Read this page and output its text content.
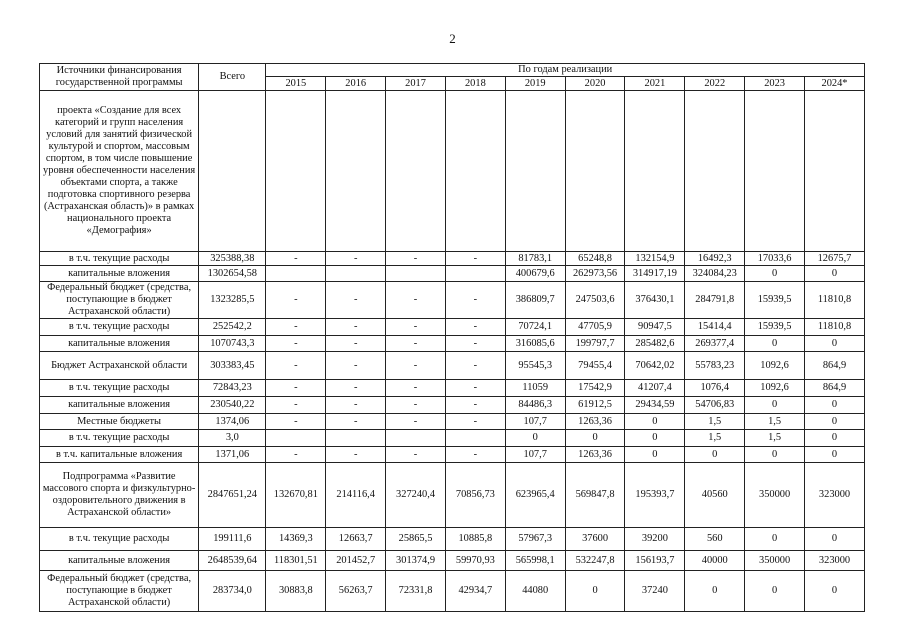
2
Источники финансирования государственной программы	Всего	По годам реализации									
		2015	2016	2017	2018	2019	2020	2021	2022	2023	2024*
проекта «Создание для всех категорий и групп населения условий для занятий физической культурой и спортом, массовым спортом, в том числе повышение уровня обеспеченности населения объектами спорта, а также подготовка спортивного резерва (Астраханская область)» в рамках национального проекта «Демография»											
в т.ч. текущие расходы	325388,38	-	-	-	-	81783,1	65248,8	132154,9	16492,3	17033,6	12675,7
капитальные вложения	1302654,58					400679,6	262973,56	314917,19	324084,23	0	0
Федеральный бюджет (средства, поступающие в бюджет Астраханской области)	1323285,5	-	-	-	-	386809,7	247503,6	376430,1	284791,8	15939,5	11810,8
в т.ч. текущие расходы	252542,2	-	-	-	-	70724,1	47705,9	90947,5	15414,4	15939,5	11810,8
капитальные вложения	1070743,3	-	-	-	-	316085,6	199797,7	285482,6	269377,4	0	0
Бюджет Астраханской области	303383,45	-	-	-	-	95545,3	79455,4	70642,02	55783,23	1092,6	864,9
в т.ч. текущие расходы	72843,23	-	-	-	-	11059	17542,9	41207,4	1076,4	1092,6	864,9
капитальные вложения	230540,22	-	-	-	-	84486,3	61912,5	29434,59	54706,83	0	0
Местные бюджеты	1374,06	-	-	-	-	107,7	1263,36	0	1,5	1,5	0
в т.ч. текущие расходы	3,0					0	0	0	1,5	1,5	0
в т.ч. капитальные вложения	1371,06	-	-	-	-	107,7	1263,36	0	0	0	0
Подпрограмма «Развитие массового спорта и физкультурно-оздоровительного движения в Астраханской области»	2847651,24	132670,81	214116,4	327240,4	70856,73	623965,4	569847,8	195393,7	40560	350000	323000
в т.ч. текущие расходы	199111,6	14369,3	12663,7	25865,5	10885,8	57967,3	37600	39200	560	0	0
капитальные вложения	2648539,64	118301,51	201452,7	301374,9	59970,93	565998,1	532247,8	156193,7	40000	350000	323000
Федеральный бюджет (средства, поступающие в бюджет Астраханской области)	283734,0	30883,8	56263,7	72331,8	42934,7	44080	0	37240	0	0	0
